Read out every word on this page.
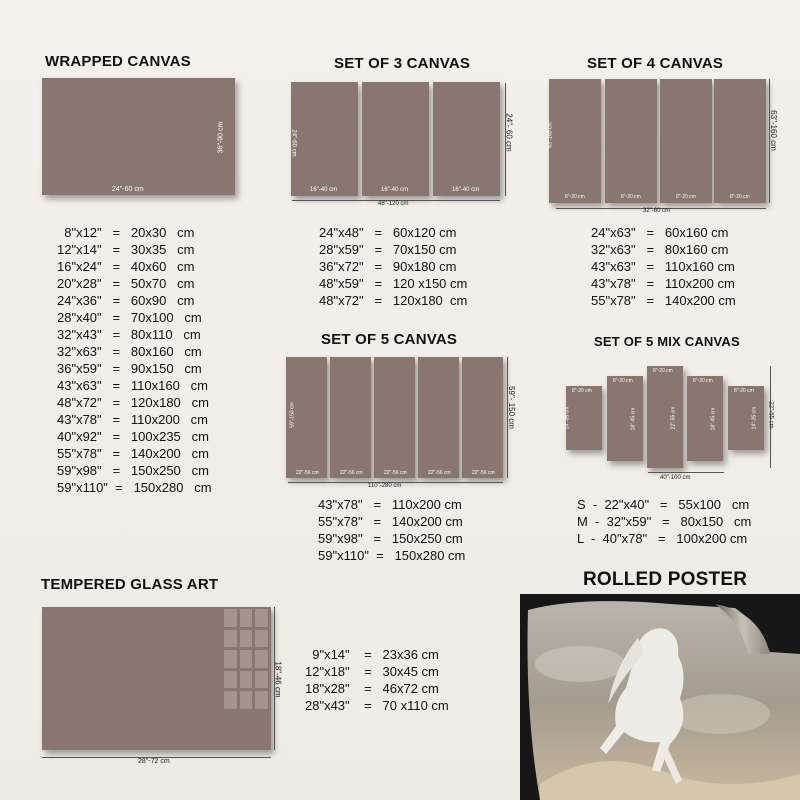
WRAPPED CANVAS
24"-60 cm
36"-90 cm
8"x12"   =   20x30   cm
12"x14"   =   30x35   cm
16"x24"   =   40x60   cm
20"x28"   =   50x70   cm
24"x36"   =   60x90   cm
28"x40"   =   70x100   cm
32"x43"   =   80x110   cm
32"x63"   =   80x160   cm
36"x59"   =   90x150   cm
43"x63"   =   110x160   cm
48"x72"   =   120x180   cm
43"x78"   =   110x200   cm
40"x92"   =   100x235   cm
55"x78"   =   140x200   cm
59"x98"   =   150x250   cm
59"x110"  =   150x280   cm
SET OF 3 CANVAS
16"-40 cm	16"-40 cm	16"-40 cm
24"-60 cm
48"-120 cm
24"- 60 cm
24"x48"   =   60x120 cm
28"x59"   =   70x150 cm
36"x72"   =   90x180 cm
48"x59"   =   120 x150 cm
48"x72"   =   120x180  cm
SET OF 4 CANVAS
8"-20 cm	8"-20 cm	8"-20 cm	8"-20 cm
63"-160 cm
32"-80 cm
63"-160 cm
24"x63"   =   60x160 cm
32"x63"   =   80x160 cm
43"x63"   =   110x160 cm
43"x78"   =   110x200 cm
55"x78"   =   140x200 cm
SET OF 5 CANVAS
22"-56 cm	22"-56 cm	22"-56 cm	22"-56 cm	22"-56 cm
59"-150 cm
110"-280 cm
59"- 150 cm
43"x78"   =   110x200 cm
55"x78"   =   140x200 cm
59"x98"   =   150x250 cm
59"x110"  =   150x280 cm
SET OF 5 MIX CANVAS
8"-20 cm
14"-35 cm
8"-20 cm
18"-45 cm
8"-20 cm
22"-55 cm
8"-20 cm
18"-45 cm
8"-20 cm
14"-35 cm
40"-100 cm
22"-55 cm
S  -  22"x40"   =   55x100   cm
M  -  32"x59"   =   80x150   cm
L  -  40"x78"   =   100x200 cm
TEMPERED GLASS ART
28"-72 cm
18"-46 cm
9"x14"    =   23x36 cm
12"x18"    =   30x45 cm
18"x28"    =   46x72 cm
28"x43"    =   70 x110 cm
ROLLED POSTER
